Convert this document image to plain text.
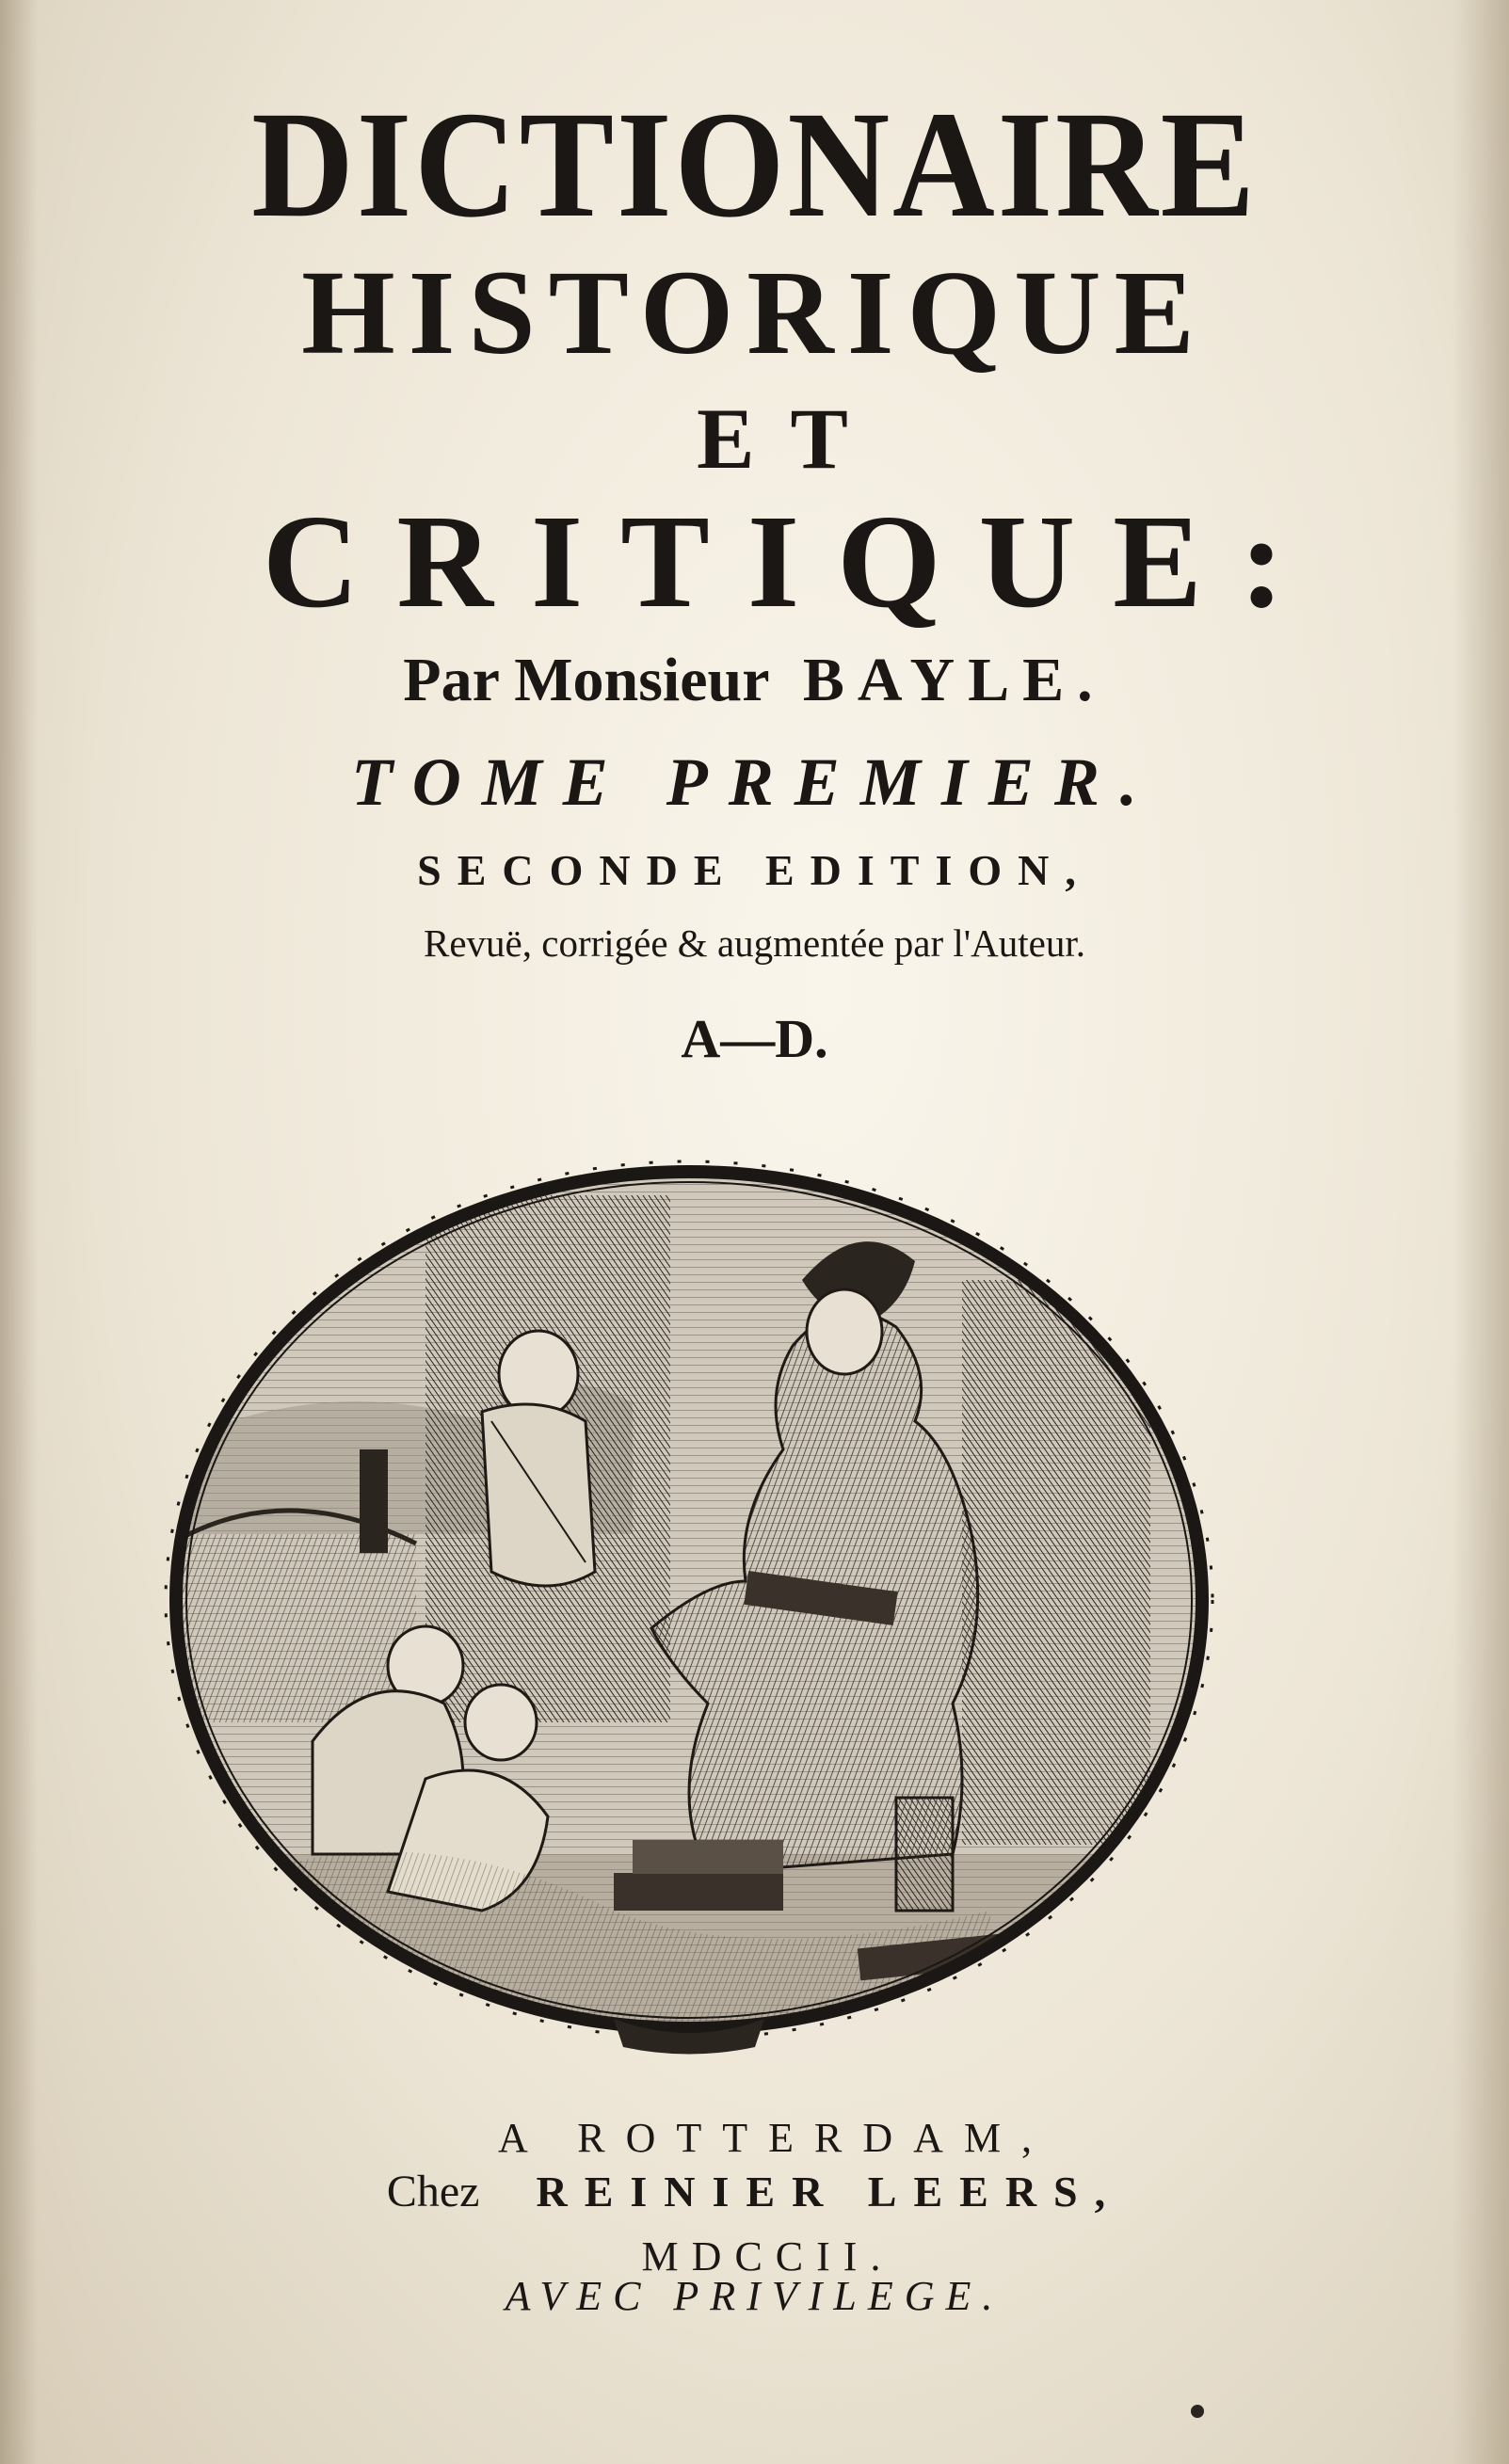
DICTIONAIRE
HISTORIQUE
ET
CRITIQUE:
Par Monsieur BAYLE.
TOME PREMIER.
SECONDE EDITION,
Revuë, corrigée & augmentée par l'Auteur.
A—D.
A ROTTERDAM,
Chez REINIER LEERS,
MDCCII.
AVEC PRIVILEGE.
